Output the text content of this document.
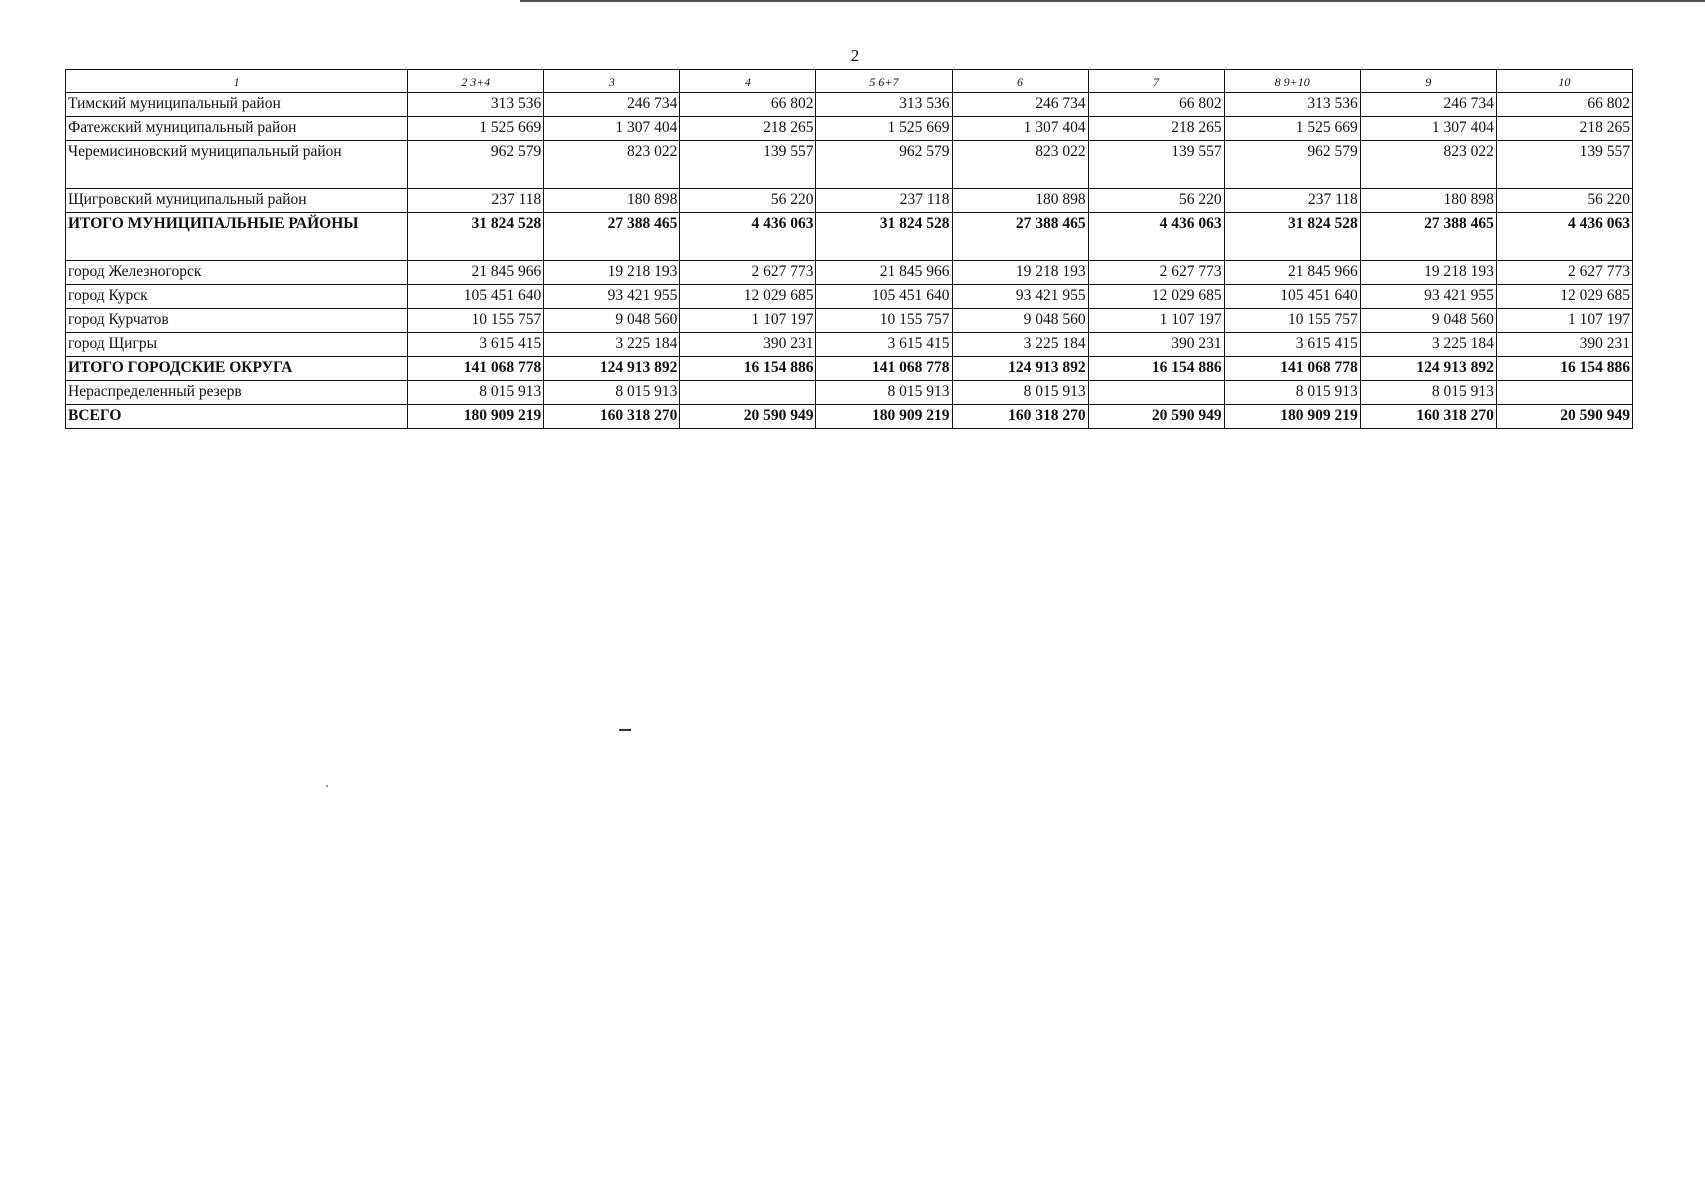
2
1	2 3+4	3	4	5 6+7	6	7	8 9+10	9	10
Тимский муниципальный район	313 536	246 734	66 802	313 536	246 734	66 802	313 536	246 734	66 802
Фатежский муниципальный район	1 525 669	1 307 404	218 265	1 525 669	1 307 404	218 265	1 525 669	1 307 404	218 265
Черемисиновский муниципальный район	962 579	823 022	139 557	962 579	823 022	139 557	962 579	823 022	139 557
Щигровский муниципальный район	237 118	180 898	56 220	237 118	180 898	56 220	237 118	180 898	56 220
ИТОГО МУНИЦИПАЛЬНЫЕ РАЙОНЫ	31 824 528	27 388 465	4 436 063	31 824 528	27 388 465	4 436 063	31 824 528	27 388 465	4 436 063
город Железногорск	21 845 966	19 218 193	2 627 773	21 845 966	19 218 193	2 627 773	21 845 966	19 218 193	2 627 773
город Курск	105 451 640	93 421 955	12 029 685	105 451 640	93 421 955	12 029 685	105 451 640	93 421 955	12 029 685
город Курчатов	10 155 757	9 048 560	1 107 197	10 155 757	9 048 560	1 107 197	10 155 757	9 048 560	1 107 197
город Щигры	3 615 415	3 225 184	390 231	3 615 415	3 225 184	390 231	3 615 415	3 225 184	390 231
ИТОГО ГОРОДСКИЕ ОКРУГА	141 068 778	124 913 892	16 154 886	141 068 778	124 913 892	16 154 886	141 068 778	124 913 892	16 154 886
Нераспределенный резерв	8 015 913	8 015 913		8 015 913	8 015 913		8 015 913	8 015 913	
ВСЕГО	180 909 219	160 318 270	20 590 949	180 909 219	160 318 270	20 590 949	180 909 219	160 318 270	20 590 949
